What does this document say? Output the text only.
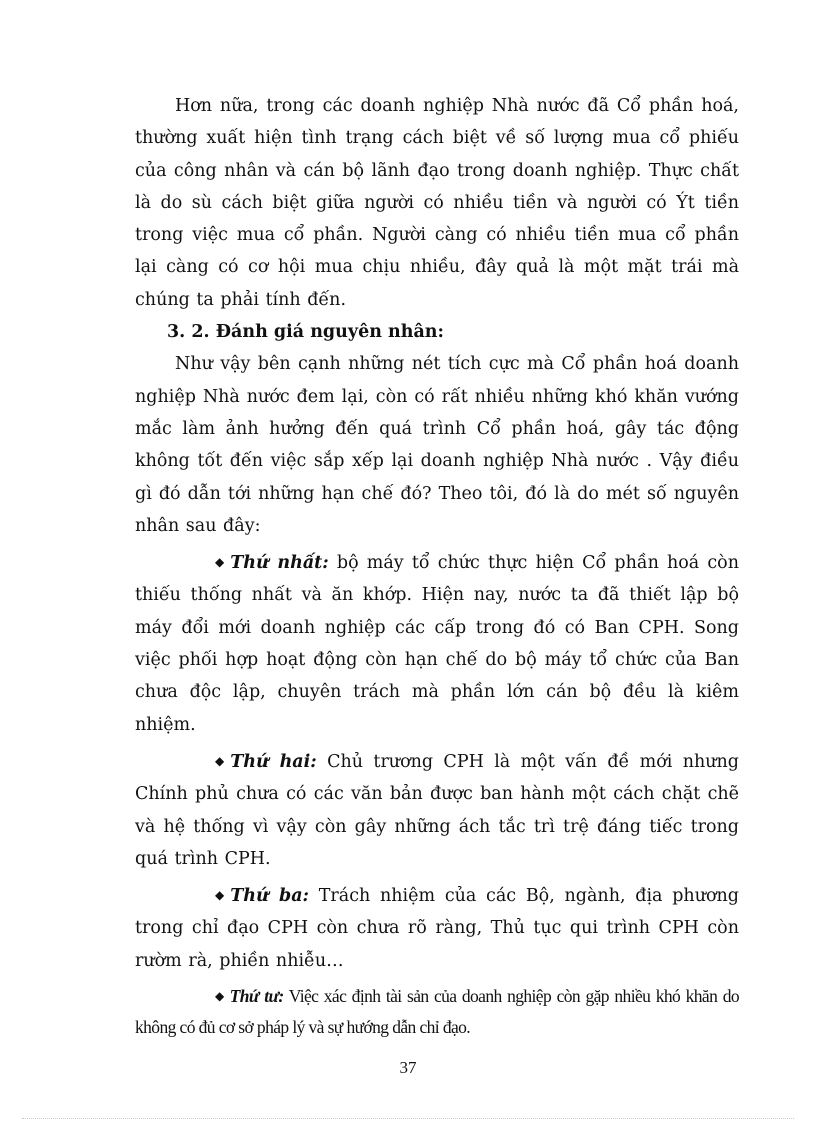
Hơn nữa, trong các doanh nghiệp Nhà nước đã Cổ phần hoá, thường xuất hiện tình trạng cách biệt về số lượng mua cổ phiếu của công nhân và cán bộ lãnh đạo trong doanh nghiệp. Thực chất là do sù cách biệt giữa người có nhiều tiền và người có Ýt tiền trong việc mua cổ phần. Người càng có nhiều tiền mua cổ phần lại càng có cơ hội mua chịu nhiều, đây quả là một mặt trái mà chúng ta phải tính đến.

3. 2. Đánh giá nguyên nhân:

Như vậy bên cạnh những nét tích cực mà Cổ phần hoá doanh nghiệp Nhà nước đem lại, còn có rất nhiều những khó khăn vướng mắc làm ảnh hưởng đến quá trình Cổ phần hoá, gây tác động không tốt đến việc sắp xếp lại doanh nghiệp Nhà nước . Vậy điều gì đó dẫn tới những hạn chế đó? Theo tôi, đó là do mét số nguyên nhân sau đây:

◆ Thứ nhất: bộ máy tổ chức thực hiện Cổ phần hoá còn thiếu thống nhất và ăn khớp. Hiện nay, nước ta đã thiết lập bộ máy đổi mới doanh nghiệp các cấp trong đó có Ban CPH. Song việc phối hợp hoạt động còn hạn chế do bộ máy tổ chức của Ban chưa độc lập, chuyên trách mà phần lớn cán bộ đều là kiêm nhiệm.

◆ Thứ hai: Chủ trương CPH là một vấn đề mới nhưng Chính phủ chưa có các văn bản được ban hành một cách chặt chẽ và hệ thống vì vậy còn gây những ách tắc trì trệ đáng tiếc trong quá trình CPH.

◆ Thứ ba: Trách nhiệm của các Bộ, ngành, địa phương trong chỉ đạo CPH còn chưa rõ ràng, Thủ tục qui trình CPH còn rườm rà, phiền nhiễu…

◆ Thứ tư: Việc xác định tài sản của doanh nghiệp còn gặp nhiều khó khăn do không có đủ cơ sở pháp lý và sự hướng dẫn chỉ đạo.

37
